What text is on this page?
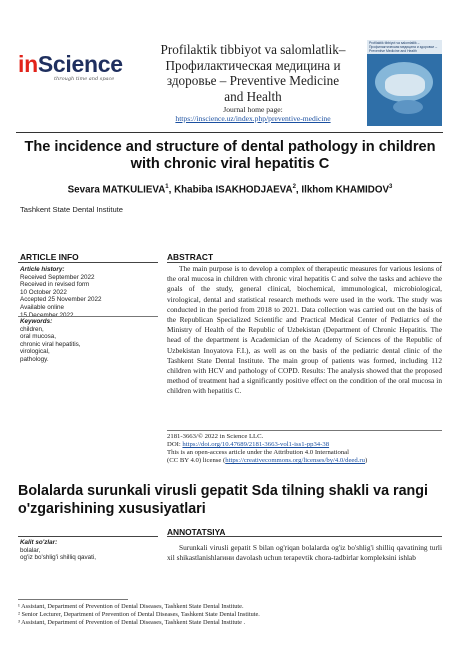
inScience
through time and space
Profilaktik tibbiyot va salomlatlik–
Профилактическая медицина и
здоровье – Preventive Medicine
and Health
Journal home page:
https://inscience.uz/index.php/preventive-medicine
Profilaktik tibbiyot va salomlatlik – Профилактическая медицина и здоровье – Preventive Medicine and Health
The incidence and structure of dental pathology in children with chronic viral hepatitis C
Sevara MATKULIEVA$^1$, Khabiba ISAKHODJAEVA$^2$, Ilkhom KHAMIDOV$^3$
Tashkent State Dental Institute
ARTICLE INFO	ABSTRACT
Article history:
Received September 2022
Received in revised form
10 October 2022
Accepted 25 November 2022
Available online
15 December 2022
Keywords:
children,
oral mucosa,
chronic viral hepatitis,
virological,
pathology.

The main purpose is to develop a complex of therapeutic measures for various lesions of the oral mucosa in children with chronic viral hepatitis C and solve the tasks and achieve the goals of the study, general clinical, biochemical, immunological, microbiological, virological, dental and statistical research methods were used in the work. The study was conducted in the period from 2018 to 2021. Data collection was carried out on the basis of the Republican Specialized Scientific and Practical Medical Center of Pediatrics of the Ministry of Health of the Republic of Uzbekistan (Department of Chronic Hepatitis. The head of the department is Academician of the Academy of Sciences of the Republic of Uzbekistan Inoyatova F.I.), as well as on the basis of the pediatric dental clinic of the Tashkent State Dental Institute. The main group of patients was formed, including 112 children with HCV and pathology of COPD. Results: The analysis showed that the proposed method of treatment had a significantly positive effect on the condition of the oral mucosa in children with hepatitis C.

2181-3663/© 2022 in Science LLC.
DOI: https://doi.org/10.47689/2181-3663-vol1-iss1-pp34-38
This is an open-access article under the Attribution 4.0 International
(CC BY 4.0) license (https://creativecommons.org/licenses/by/4.0/deed.ru)
Bolalarda surunkali virusli gepatit Sda tilning shakli va rangi o'zgarishining xususiyatlari
ANNOTATSIYA
Kalit so'zlar:
bolalar,
og'iz bo'shlig'i shilliq qavati,

Surunkali virusli gepatit S bilan og'riqan bolalarda og'iz bo'shlig'i shilliq qavatining turli xil shikastlanishlarини davolash uchun terapevtik chora-tadbirlar kompleksini ishlab

¹ Assistant, Department of Prevention of Dental Diseases, Tashkent State Dental Institute.
² Senior Lecturer, Department of Prevention of Dental Diseases, Tashkent State Dental Institute.
³ Assistant, Department of Prevention of Dental Diseases, Tashkent State Dental Institute .
